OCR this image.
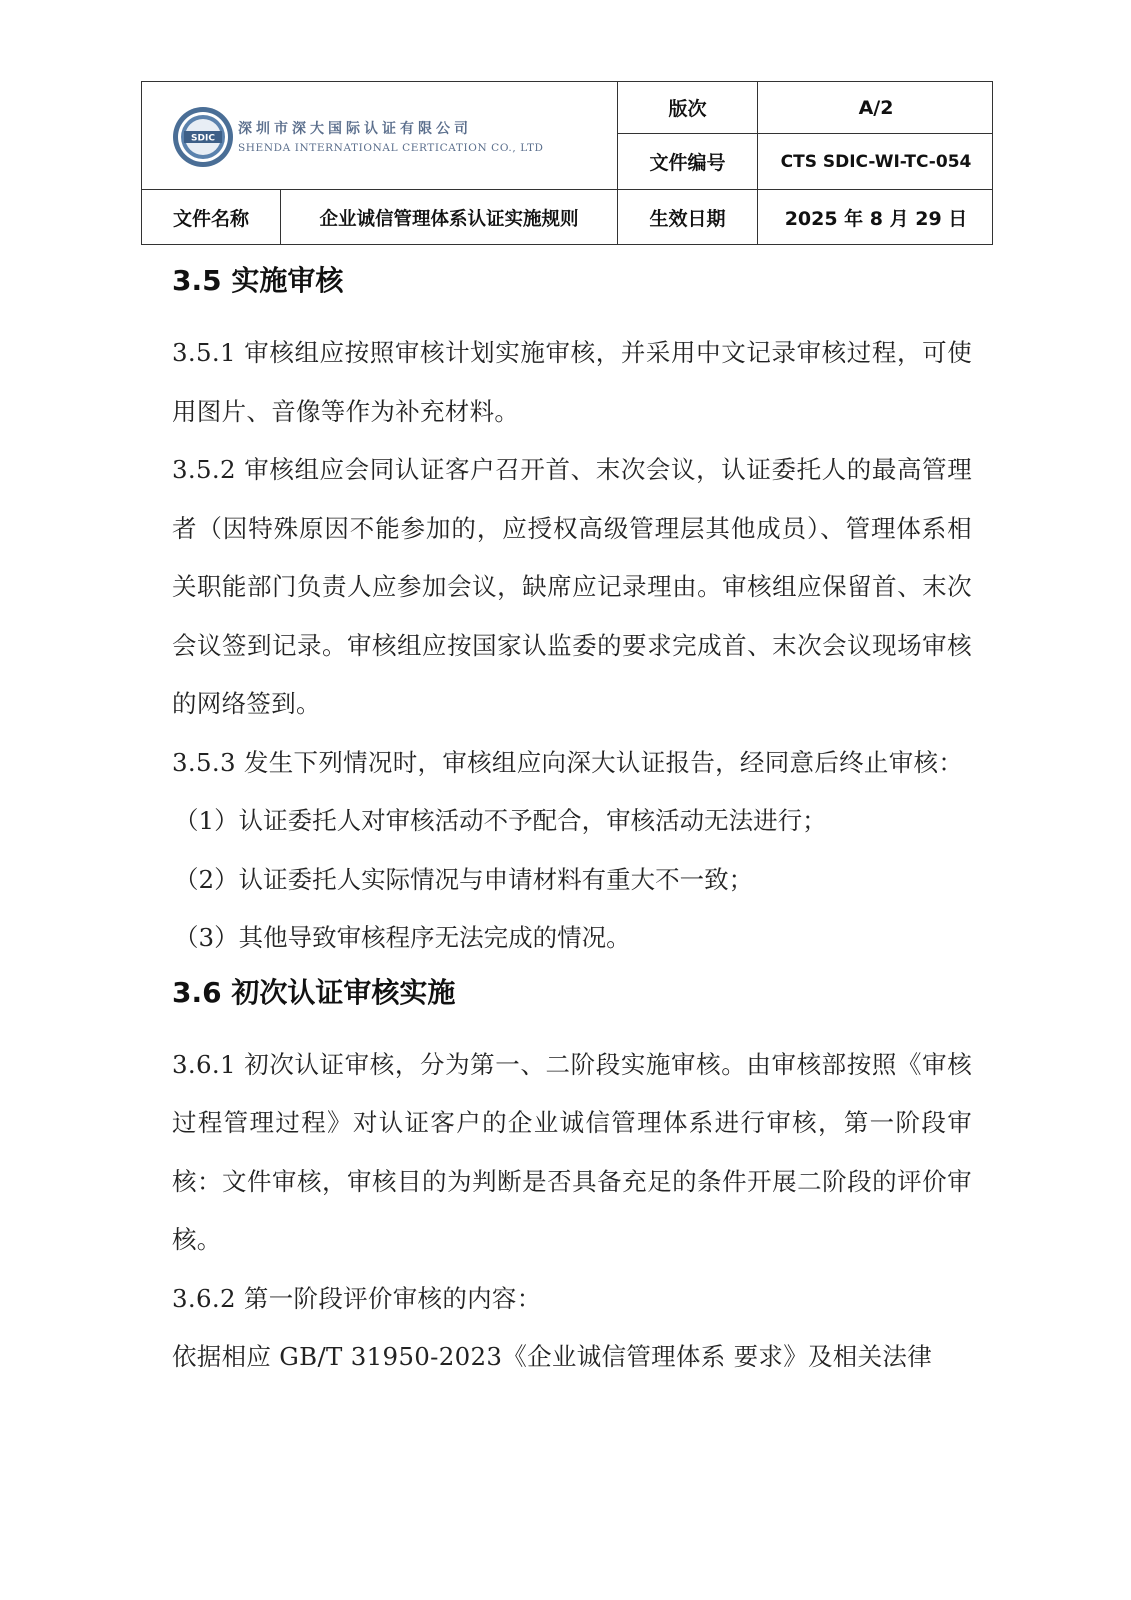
SDIC
深圳市深大国际认证有限公司
SHENDA INTERNATIONAL CERTICATION CO., LTD
版次	A/2
文件编号	CTS SDIC-WI-TC-054
文件名称	企业诚信管理体系认证实施规则	生效日期	2025 年 8 月 29 日
3.5 实施审核

3.5.1 审核组应按照审核计划实施审核，并采用中文记录审核过程，可使用图片、音像等作为补充材料。

3.5.2 审核组应会同认证客户召开首、末次会议，认证委托人的最高管理者（因特殊原因不能参加的，应授权高级管理层其他成员）、管理体系相关职能部门负责人应参加会议，缺席应记录理由。审核组应保留首、末次会议签到记录。审核组应按国家认监委的要求完成首、末次会议现场审核的网络签到。

3.5.3 发生下列情况时，审核组应向深大认证报告，经同意后终止审核：

（1）认证委托人对审核活动不予配合，审核活动无法进行；

（2）认证委托人实际情况与申请材料有重大不一致；

（3）其他导致审核程序无法完成的情况。

3.6 初次认证审核实施

3.6.1 初次认证审核，分为第一、二阶段实施审核。由审核部按照《审核过程管理过程》对认证客户的企业诚信管理体系进行审核，第一阶段审核：文件审核，审核目的为判断是否具备充足的条件开展二阶段的评价审核。

3.6.2 第一阶段评价审核的内容：

依据相应 GB/T 31950-2023《企业诚信管理体系 要求》及相关法律
